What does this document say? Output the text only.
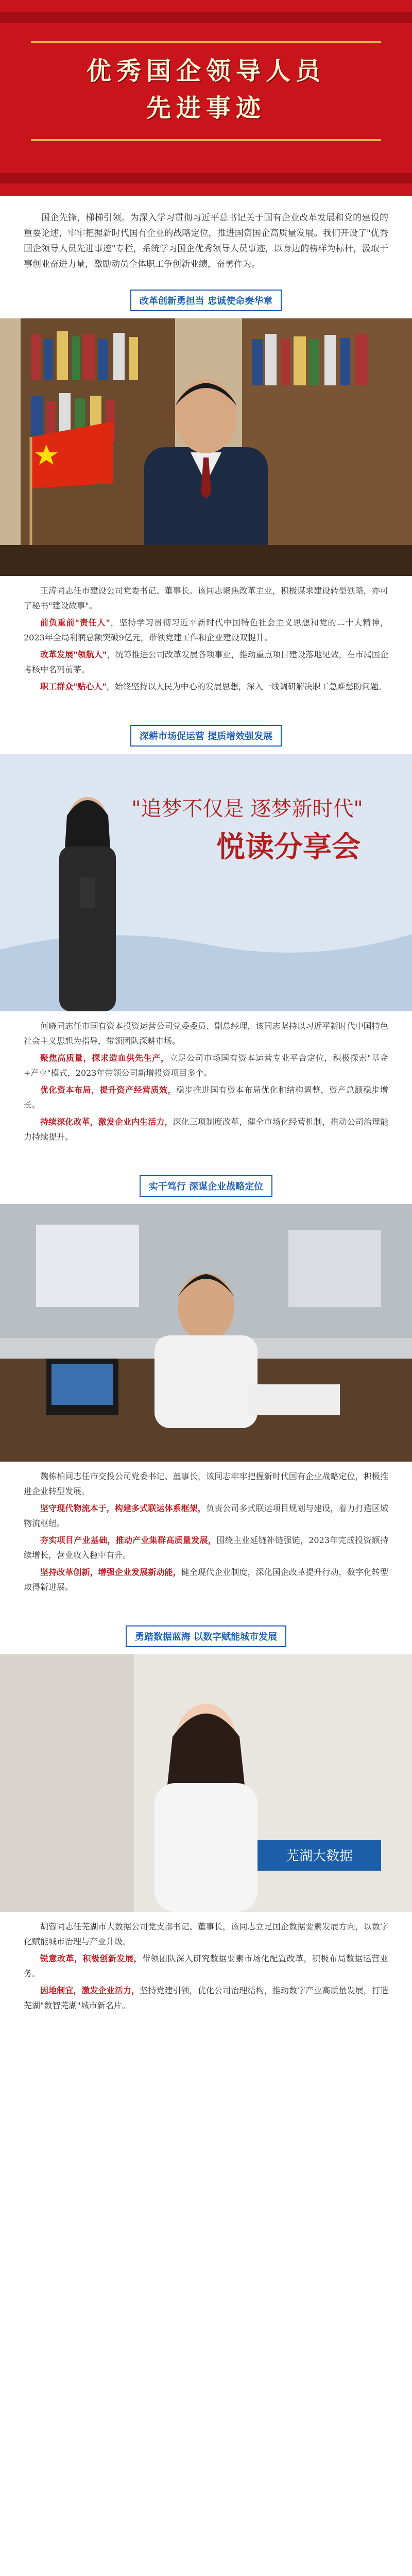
优秀国企领导人员
先进事迹
国企先锋，梯梯引领。为深入学习贯彻习近平总书记关于国有企业改革发展和党的建设的重要论述，牢牢把握新时代国有企业的战略定位，推进国资国企高质量发展。我们开设了"优秀国企领导人员先进事迹"专栏，系统学习国企优秀领导人员事迹，以身边的榜样为标杆，汲取干事创业奋进力量，激励动员全体职工争创新业绩，奋勇作为。
改革创新勇担当 忠诚使命奏华章

王涛同志任市建设公司党委书记、董事长。该同志聚焦改革主业，积极谋求建设转型领略，亦可了秘书"建设故事"。

前负重前"责任人"，坚持学习贯彻习近平新时代中国特色社会主义思想和党的二十大精神，2023年全局利润总额突破9亿元，带领党建工作和企业建设双提升。

改革发展"领航人"，统筹推进公司改革发展各项事业，推动重点项目建设落地见效，在市属国企考核中名列前茅。

职工群众"贴心人"，始终坚持以人民为中心的发展思想，深入一线调研解决职工急难愁盼问题。

深耕市场促运营 提质增效强发展
"追梦不仅是 逐梦新时代"
悦读分享会

何晓同志任市国有资本投资运营公司党委委员、副总经理，该同志坚持以习近平新时代中国特色社会主义思想为指导，带领团队深耕市场。

聚焦高质量，探求造血供先生产，立足公司市场国有资本运营专业平台定位，积极探索"基金+产业"模式，2023年带领公司新增投资项目多个。

优化资本布局，提升资产经营质效，稳步推进国有资本布局优化和结构调整，资产总额稳步增长。

持续深化改革，激发企业内生活力，深化三项制度改革，健全市场化经营机制，推动公司治理能力持续提升。

实干笃行 深谋企业战略定位

魏栋柏同志任市交投公司党委书记、董事长，该同志牢牢把握新时代国有企业战略定位，积极推进企业转型发展。

坚守现代物流本于，构建多式联运体系框架，负责公司多式联运项目规划与建设，着力打造区域物流枢纽。

夯实项目产业基础，推动产业集群高质量发展，围绕主业延链补链强链，2023年完成投资额持续增长，营业收入稳中有升。

坚持改革创新，增强企业发展新动能，健全现代企业制度，深化国企改革提升行动，数字化转型取得新进展。

勇踏数据蓝海 以数字赋能城市发展
芜湖大数据

胡蓉同志任芜湖市大数据公司党支部书记、董事长，该同志立足国企数据要素发展方向，以数字化赋能城市治理与产业升级。

锐意改革，积极创新发展，带领团队深入研究数据要素市场化配置改革，积极布局数据运营业务。

因地制宜，激发企业活力，坚持党建引领，优化公司治理结构，推动数字产业高质量发展，打造芜湖"数智芜湖"城市新名片。
